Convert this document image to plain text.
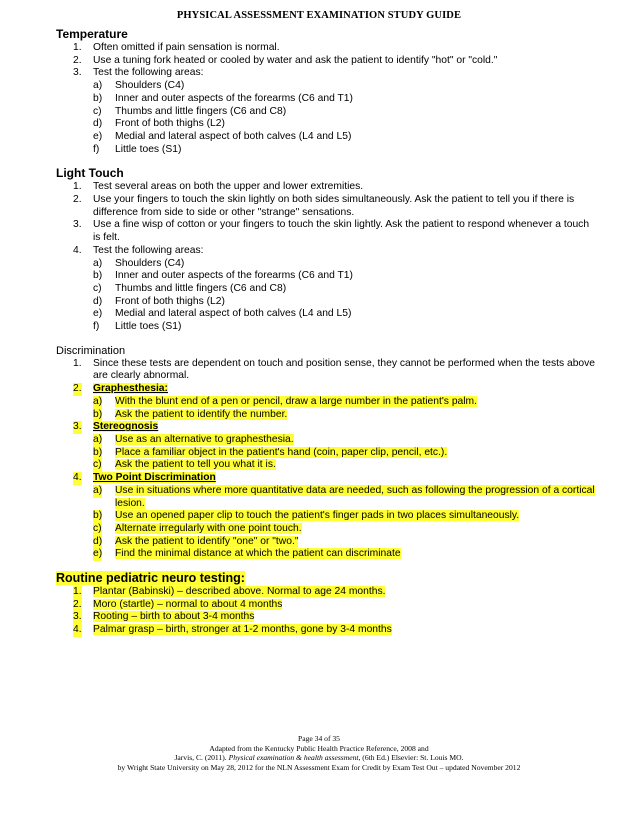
PHYSICAL ASSESSMENT EXAMINATION STUDY GUIDE
Temperature
1. Often omitted if pain sensation is normal.
2. Use a tuning fork heated or cooled by water and ask the patient to identify "hot" or "cold."
3. Test the following areas:
a) Shoulders (C4)
b) Inner and outer aspects of the forearms (C6 and T1)
c) Thumbs and little fingers (C6 and C8)
d) Front of both thighs (L2)
e) Medial and lateral aspect of both calves (L4 and L5)
f) Little toes (S1)
Light Touch
1. Test several areas on both the upper and lower extremities.
2. Use your fingers to touch the skin lightly on both sides simultaneously. Ask the patient to tell you if there is difference from side to side or other "strange" sensations.
3. Use a fine wisp of cotton or your fingers to touch the skin lightly. Ask the patient to respond whenever a touch is felt.
4. Test the following areas:
a) Shoulders (C4)
b) Inner and outer aspects of the forearms (C6 and T1)
c) Thumbs and little fingers (C6 and C8)
d) Front of both thighs (L2)
e) Medial and lateral aspect of both calves (L4 and L5)
f) Little toes (S1)
Discrimination
1. Since these tests are dependent on touch and position sense, they cannot be performed when the tests above are clearly abnormal.
2. Graphesthesia:
a) With the blunt end of a pen or pencil, draw a large number in the patient's palm.
b) Ask the patient to identify the number.
3. Stereognosis
a) Use as an alternative to graphesthesia.
b) Place a familiar object in the patient's hand (coin, paper clip, pencil, etc.).
c) Ask the patient to tell you what it is.
4. Two Point Discrimination
a) Use in situations where more quantitative data are needed, such as following the progression of a cortical lesion.
b) Use an opened paper clip to touch the patient's finger pads in two places simultaneously.
c) Alternate irregularly with one point touch.
d) Ask the patient to identify "one" or "two."
e) Find the minimal distance at which the patient can discriminate
Routine pediatric neuro testing:
1. Plantar (Babinski) – described above. Normal to age 24 months.
2. Moro (startle) – normal to about 4 months
3. Rooting – birth to about 3-4 months
4. Palmar grasp – birth, stronger at 1-2 months, gone by 3-4 months
Page 34 of 35
Adapted from the Kentucky Public Health Practice Reference, 2008 and
Jarvis, C. (2011). Physical examination & health assessment, (6th Ed.) Elsevier: St. Louis MO.
by Wright State University on May 28, 2012 for the NLN Assessment Exam for Credit by Exam Test Out – updated November 2012
